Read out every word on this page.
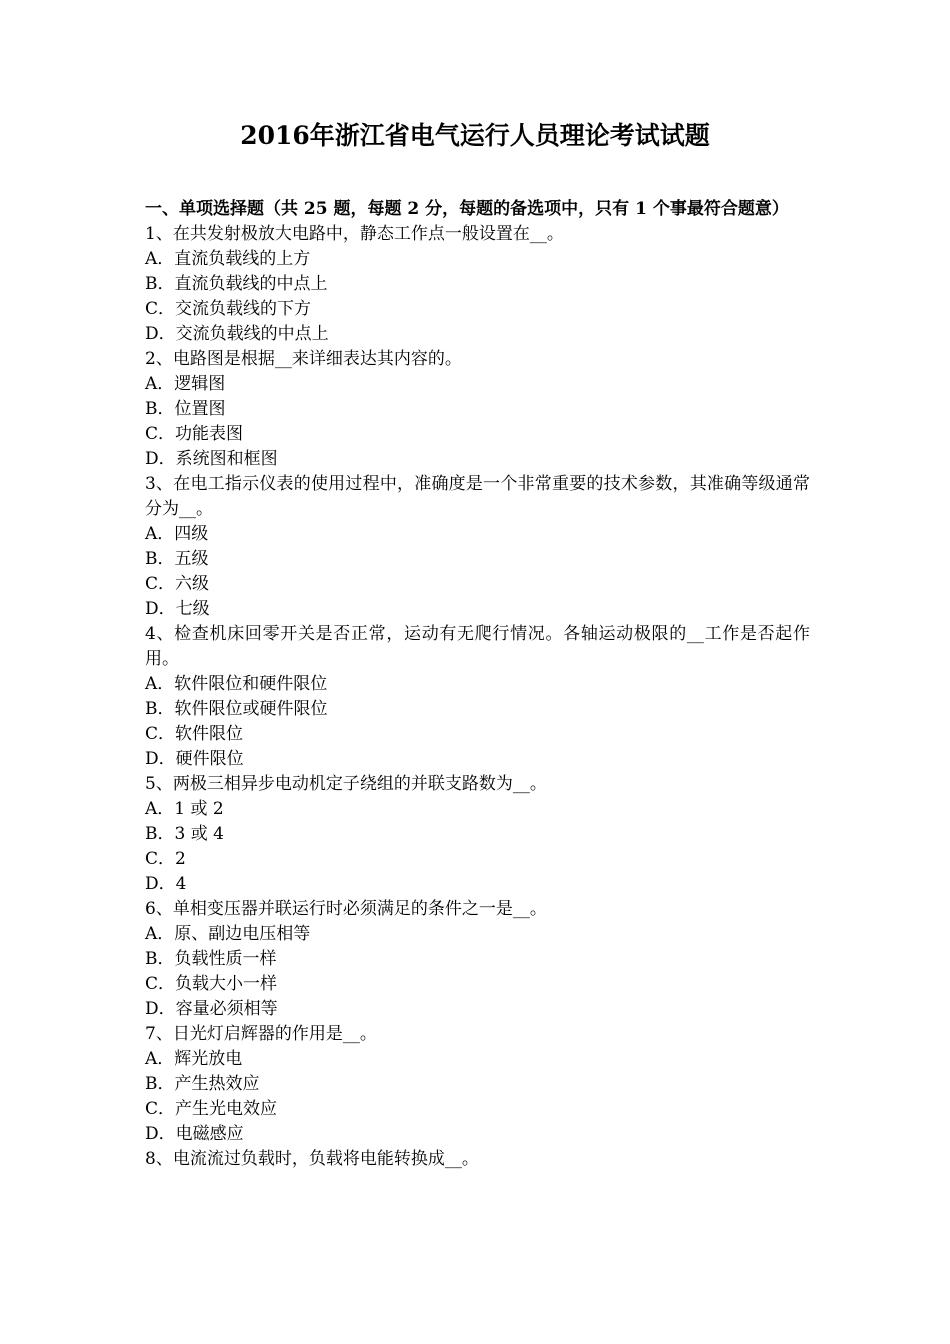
2016年浙江省电气运行人员理论考试试题
一、单项选择题（共 25 题，每题 2 分，每题的备选项中，只有 1 个事最符合题意）
1、在共发射极放大电路中，静态工作点一般设置在__。
A．直流负载线的上方
B．直流负载线的中点上
C．交流负载线的下方
D．交流负载线的中点上
2、电路图是根据__来详细表达其内容的。
A．逻辑图
B．位置图
C．功能表图
D．系统图和框图
3、在电工指示仪表的使用过程中，准确度是一个非常重要的技术参数，其准确等级通常分为__。
A．四级
B．五级
C．六级
D．七级
4、检查机床回零开关是否正常，运动有无爬行情况。各轴运动极限的__工作是否起作用。
A．软件限位和硬件限位
B．软件限位或硬件限位
C．软件限位
D．硬件限位
5、两极三相异步电动机定子绕组的并联支路数为__。
A．1 或 2
B．3 或 4
C．2
D．4
6、单相变压器并联运行时必须满足的条件之一是__。
A．原、副边电压相等
B．负载性质一样
C．负载大小一样
D．容量必须相等
7、日光灯启辉器的作用是__。
A．辉光放电
B．产生热效应
C．产生光电效应
D．电磁感应
8、电流流过负载时，负载将电能转换成__。
